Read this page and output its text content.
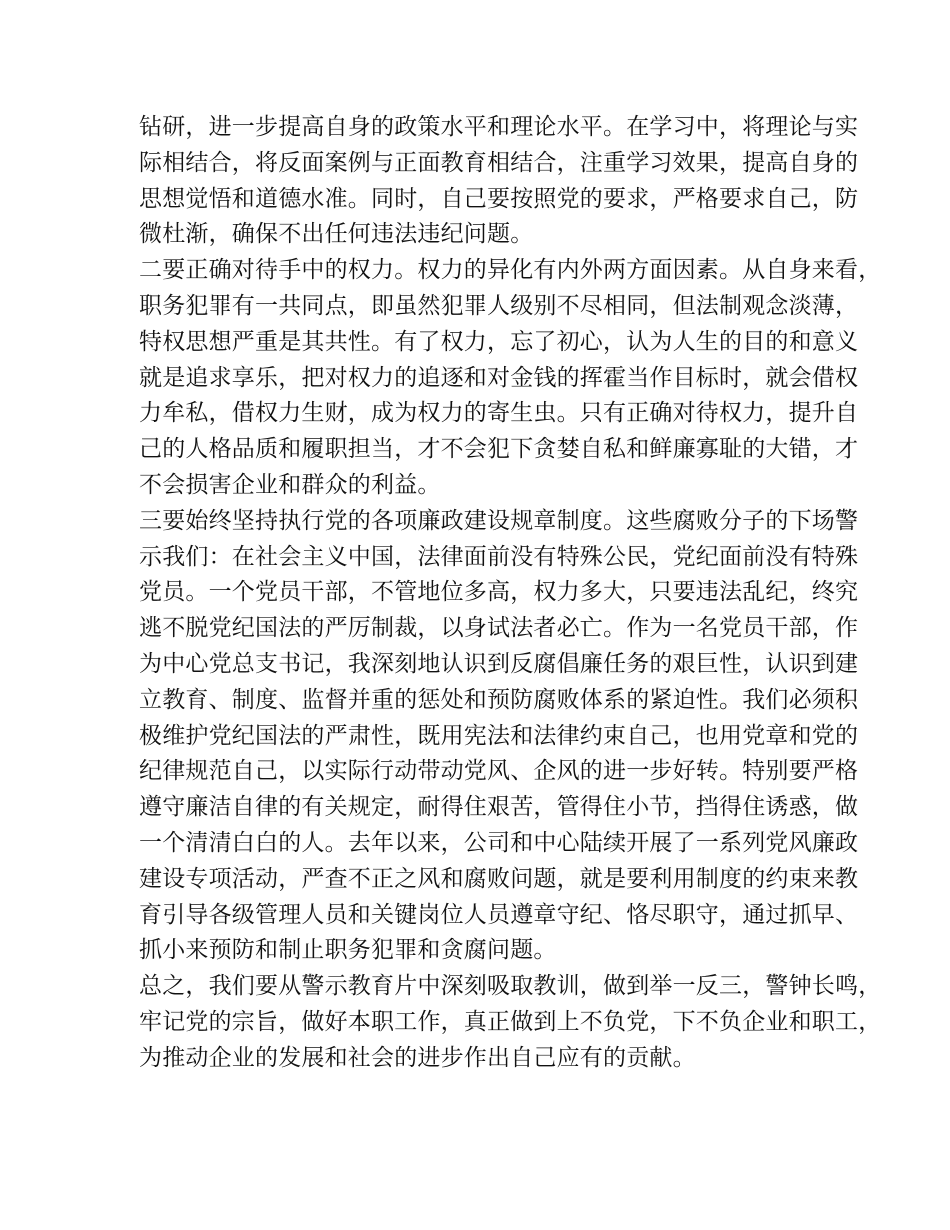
钻研，进一步提高自身的政策水平和理论水平。在学习中，将理论与实
际相结合，将反面案例与正面教育相结合，注重学习效果，提高自身的
思想觉悟和道德水准。同时，自己要按照党的要求，严格要求自己，防
微杜渐，确保不出任何违法违纪问题。
二要正确对待手中的权力。权力的异化有内外两方面因素。从自身来看，
职务犯罪有一共同点，即虽然犯罪人级别不尽相同，但法制观念淡薄，
特权思想严重是其共性。有了权力，忘了初心，认为人生的目的和意义
就是追求享乐，把对权力的追逐和对金钱的挥霍当作目标时，就会借权
力牟私，借权力生财，成为权力的寄生虫。只有正确对待权力，提升自
己的人格品质和履职担当，才不会犯下贪婪自私和鲜廉寡耻的大错，才
不会损害企业和群众的利益。
三要始终坚持执行党的各项廉政建设规章制度。这些腐败分子的下场警
示我们：在社会主义中国，法律面前没有特殊公民，党纪面前没有特殊
党员。一个党员干部，不管地位多高，权力多大，只要违法乱纪，终究
逃不脱党纪国法的严厉制裁，以身试法者必亡。作为一名党员干部，作
为中心党总支书记，我深刻地认识到反腐倡廉任务的艰巨性，认识到建
立教育、制度、监督并重的惩处和预防腐败体系的紧迫性。我们必须积
极维护党纪国法的严肃性，既用宪法和法律约束自己，也用党章和党的
纪律规范自己，以实际行动带动党风、企风的进一步好转。特别要严格
遵守廉洁自律的有关规定，耐得住艰苦，管得住小节，挡得住诱惑，做
一个清清白白的人。去年以来，公司和中心陆续开展了一系列党风廉政
建设专项活动，严查不正之风和腐败问题，就是要利用制度的约束来教
育引导各级管理人员和关键岗位人员遵章守纪、恪尽职守，通过抓早、
抓小来预防和制止职务犯罪和贪腐问题。
总之，我们要从警示教育片中深刻吸取教训，做到举一反三，警钟长鸣，
牢记党的宗旨，做好本职工作，真正做到上不负党，下不负企业和职工，
为推动企业的发展和社会的进步作出自己应有的贡献。
